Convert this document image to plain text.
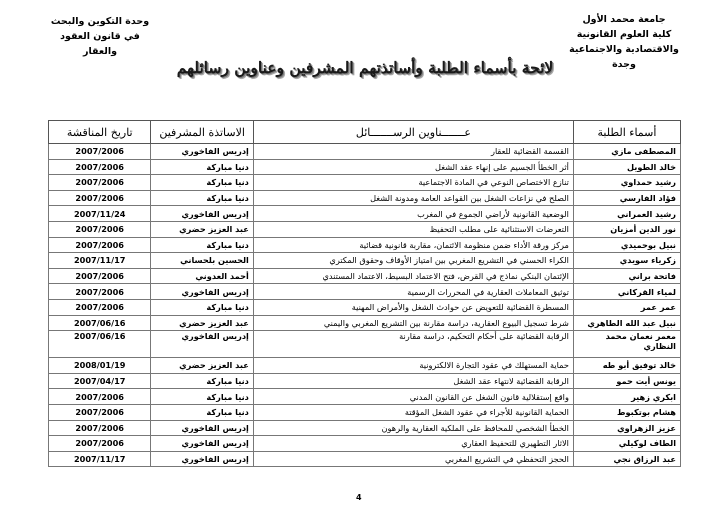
جامعة محمد الأول
كلية العلوم القانونية
والاقتصادية والاجتماعية
وجدة
وحدة التكوين والبحث
في قانون العقود
والعقار
لائحة بأسماء الطلبة وأساتذتهم المشرفين وعناوين رسائلهم
أسماء الطلبة	عـــــــناوين الرســـــــائل	الاساتذة المشرفين	تاريخ المناقشة
المصطفى مازي	القسمة القضائية للعقار	إدريس الفاخوري	2007/2006
خالد الطويل	أثر الخطأ الجسيم على إنهاء عقد الشغل	دنيا مباركة	2007/2006
رشيد حمداوي	تنازع الاختصاص النوعي في المادة الاجتماعية	دنيا مباركة	2007/2006
فؤاد الفارسي	الصلح في نزاعات الشغل بين القواعد العامة ومدونة الشغل	دنيا مباركة	2007/2006
رشيد العمراني	الوضعية القانونية لأراضي الجموع في المغرب	إدريس الفاخوري	2007/11/24
نور الدين أمزيان	التعرضات الاستثنائية على مطلب التحفيظ	عبد العزيز حضري	2007/2006
نبيل بوحميدي	مركز ورقة الأداء ضمن منظومة الائتمان، مقاربة قانونية قضائية	دنيا مباركة	2007/2006
زكرياء سويدي	الكراء الحسني في التشريع المغربي بين امتياز الأوقاف وحقوق المكتري	الحسين بلحساني	2007/11/17
فاتحة براني	الإئتمان البنكي نماذج في القرض، فتح الاعتماد البسيط، الاعتماد المستندي	أحمد العدوني	2007/2006
لمياء القركاني	توثيق المعاملات العقارية في المحررات الرسمية	إدريس الفاخوري	2007/2006
عمر عمر	المسطرة القضائية للتعويض عن حوادث الشغل والأمراض المهنية	دنيا مباركة	2007/2006
نبيل عبد الله الطاهري	شرط تسجيل البيوع العقارية، دراسة مقارنة بين التشريع المغربي واليمني	عبد العزيز حضري	2007/06/16
معمر نعمان محمد النظاري	الرقابة القضائية على أحكام التحكيم، دراسة مقارنة	إدريس الفاخوري	2007/06/16
خالد توفيق أبو طه	حماية المستهلك في عقود التجارة الالكترونية	عبد العزيز حضري	2008/01/19
يونس أيت حمو	الرقابة القضائية لانتهاء عقد الشغل	دنيا مباركة	2007/04/17
ابكري زهير	واقع إستقلالية قانون الشغل عن القانون المدني	دنيا مباركة	2007/2006
هشام بوتكبوط	الحماية القانونية للأجراء في عقود الشغل المؤقتة	دنيا مباركة	2007/2006
عزيز الزهراوي	الخطأ الشخصي للمحافظ على الملكية العقارية والرهون	إدريس الفاخوري	2007/2006
الطاف لوكيلي	الاثار التطهيري للتحفيظ العقاري	إدريس الفاخوري	2007/2006
عبد الرزاق نجي	الحجز التحفظي في التشريع المغربي	إدريس الفاخوري	2007/11/17
4
